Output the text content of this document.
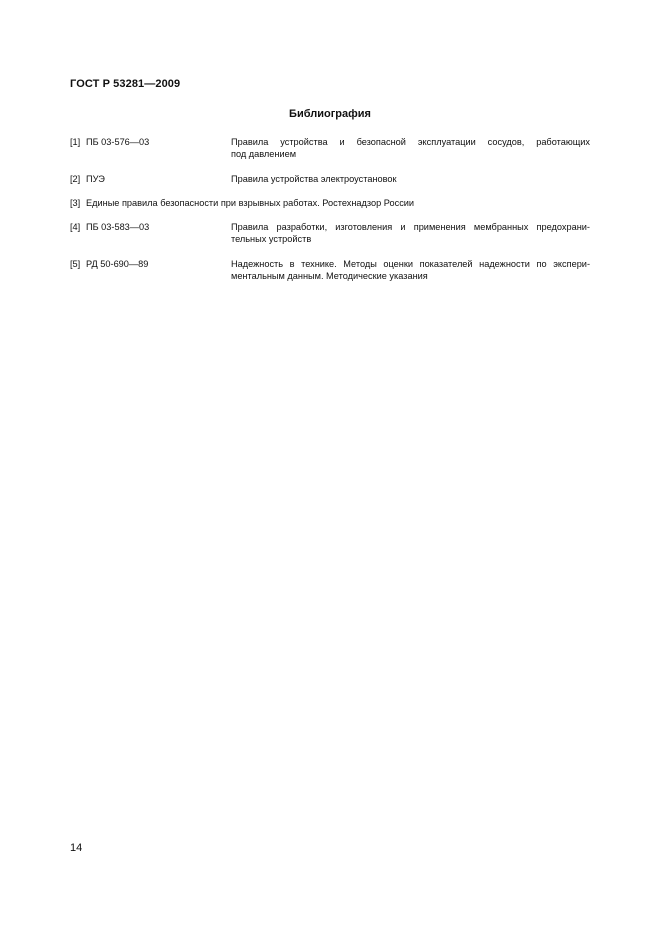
ГОСТ Р 53281—2009
Библиография
[1] ПБ 03-576—03	Правила устройства и безопасной эксплуатации сосудов, работающих
под давлением
[2] ПУЭ	Правила устройства электроустановок
[3] Единые правила безопасности при взрывных работах. Ростехнадзор России
[4] ПБ 03-583—03	Правила разработки, изготовления и применения мембранных предохрани-
тельных устройств
[5] РД 50-690—89	Надежность в технике. Методы оценки показателей надежности по экспери-
ментальным данным. Методические указания
14
